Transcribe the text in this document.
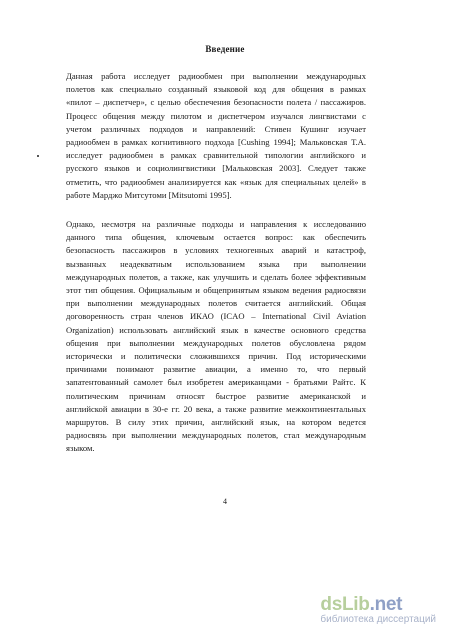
Введение
Данная работа исследует радиообмен при выполнении международных
полетов как специально созданный языковой код для общения в рамках
«пилот – диспетчер», с целью обеспечения безопасности полета / пассажиров.
Процесс общения между пилотом и диспетчером изучался лингвистами с
учетом различных подходов и направлений: Стивен Кушинг изучает
радиообмен в рамках когнитивного подхода [Cushing 1994]; Мальковская Т.А.
исследует радиообмен в рамках сравнительной типологии английского и
русского языков и социолингвистики [Мальковская 2003]. Следует также
отметить, что радиообмен анализируется как «язык для специальных целей» в
работе Марджо Митсутоми [Mitsutomi 1995].
Однако, несмотря на различные подходы и направления к исследованию
данного типа общения, ключевым остается вопрос: как обеспечить
безопасность пассажиров в условиях техногенных аварий и катастроф,
вызванных неадекватным использованием языка при выполнении
международных полетов, а также, как улучшить и сделать более эффективным
этот тип общения. Официальным и общепринятым языком ведения радиосвязи
при выполнении международных полетов считается английский. Общая
договоренность стран членов ИКАО (ICAO – International Civil Aviation
Organization) использовать английский язык в качестве основного средства
общения при выполнении международных полетов обусловлена рядом
исторически и политически сложившихся причин. Под историческими
причинами понимают развитие авиации, а именно то, что первый
запатентованный самолет был изобретен американцами - братьями Райтс. К
политическим причинам относят быстрое развитие американской и
английской авиации в 30-е гг. 20 века, а также развитие межконтинентальных
маршрутов. В силу этих причин, английский язык, на котором ведется
радиосвязь при выполнении международных полетов, стал международным
языком.
4
dsLib .net
библиотека диссертаций
